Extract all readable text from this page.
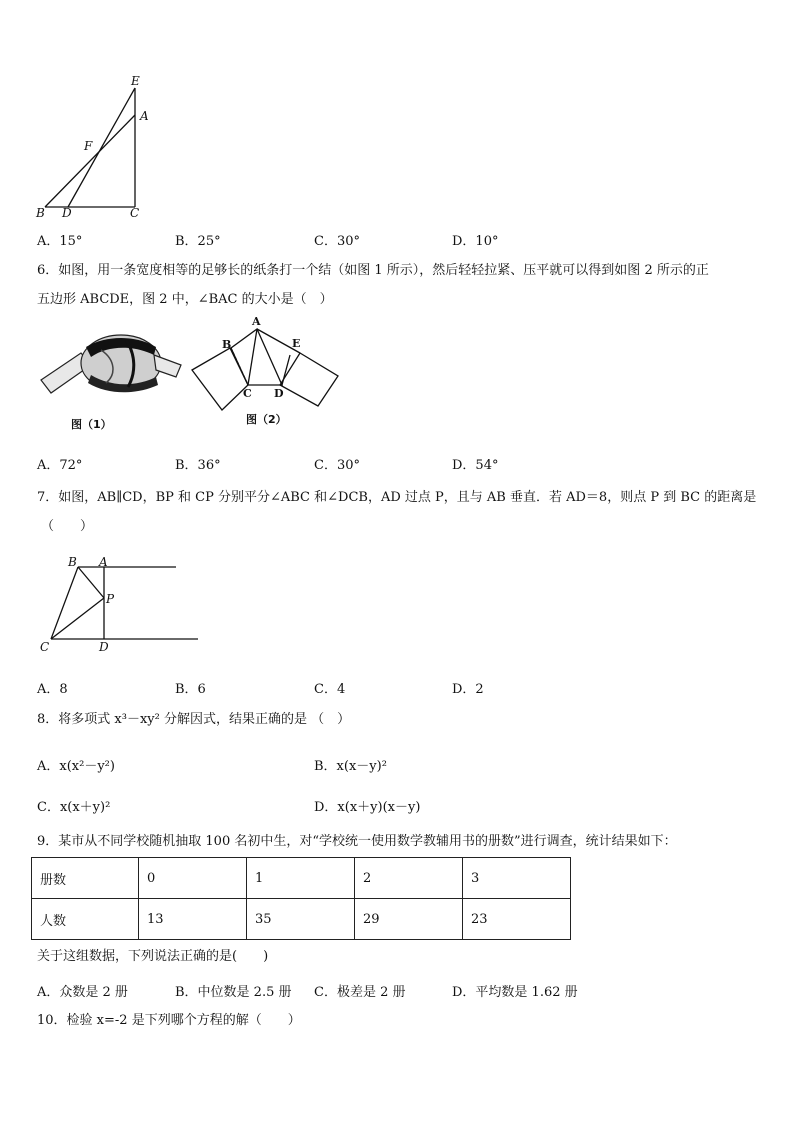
E
A
F
B D	C
A．15°	B．25°	C．30°	D．10°
6．如图，用一条宽度相等的足够长的纸条打一个结（如图 1 所示），然后轻轻拉紧、压平就可以得到如图 2 所示的正
五边形 ABCDE，图 2 中，∠BAC 的大小是（　）
图（1）
A
B
C D
E
图（2）
A．72°	B．36°	C．30°	D．54°
7．如图，AB∥CD，BP 和 CP 分别平分∠ABC 和∠DCB，AD 过点 P，且与 AB 垂直．若 AD＝8，则点 P 到 BC 的距离是
（　　）
B A
P
C	D
A．8	B．6	C．4	D．2
8．将多项式 x³－xy² 分解因式，结果正确的是 （　）
A．x(x²－y²)	B．x(x－y)²
C．x(x＋y)²	D．x(x＋y)(x－y)
9．某市从不同学校随机抽取 100 名初中生，对“学校统一使用数学教辅用书的册数”进行调查，统计结果如下：
册数	0	1	2	3
人数	13	35	29	23
关于这组数据，下列说法正确的是(　　)
A．众数是 2 册	B．中位数是 2.5 册 C．极差是 2 册	D．平均数是 1.62 册
10．检验 x=-2 是下列哪个方程的解（　　）
